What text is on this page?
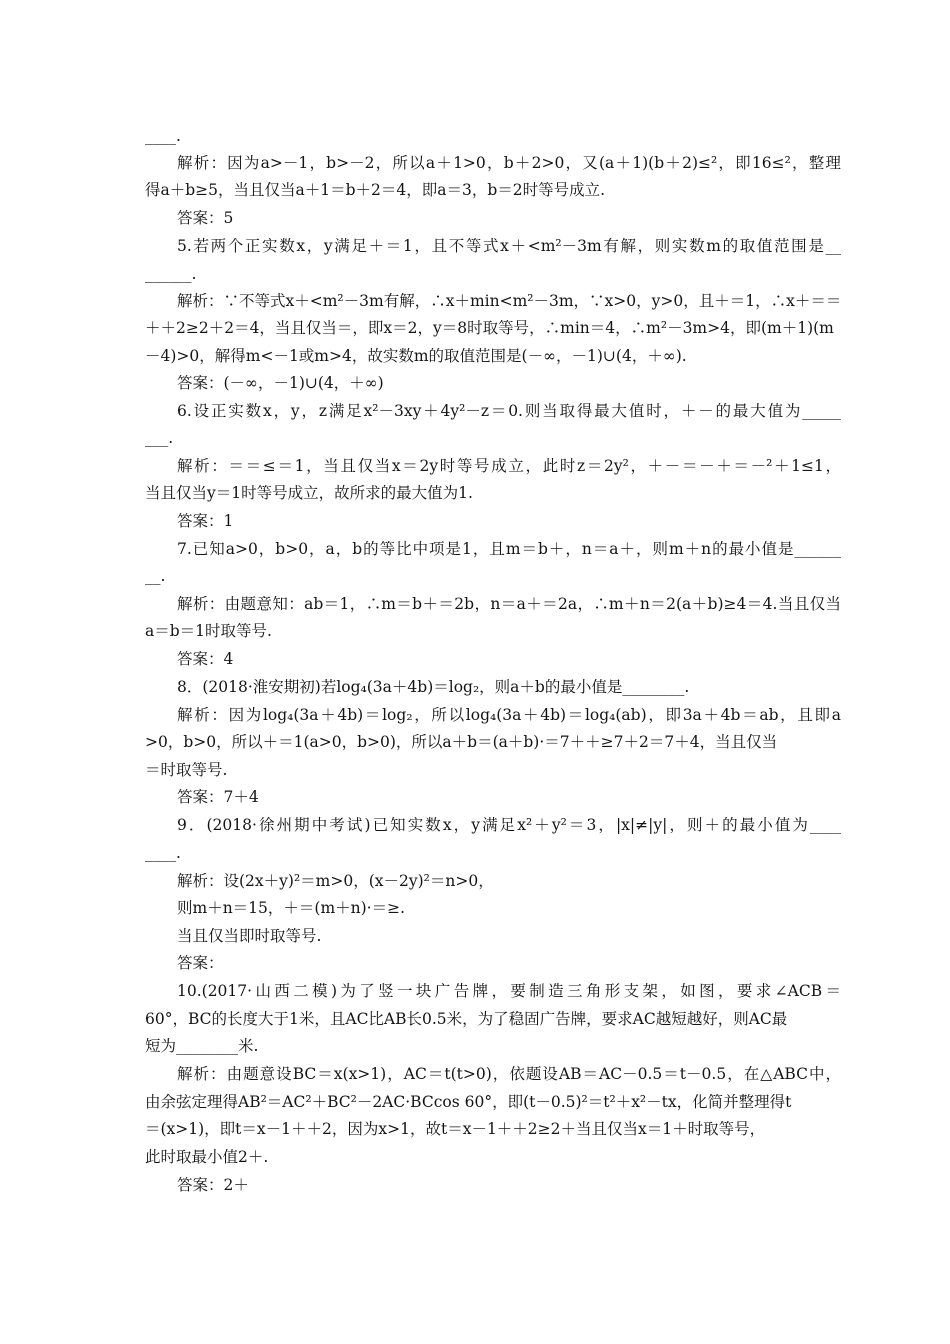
____.
解析：因为a>－1，b>－2，所以a＋1>0，b＋2>0，又(a＋1)(b＋2)≤²，即16≤²，整理
得a＋b≥5，当且仅当a＋1＝b＋2＝4，即a＝3，b＝2时等号成立.
答案：5
5.若两个正实数x，y满足＋＝1，且不等式x＋<m²－3m有解，则实数m的取值范围是__
______.
解析：∵不等式x＋<m²－3m有解，∴x＋min<m²－3m，∵x>0，y>0，且＋＝1，∴x＋＝＝
＋＋2≥2＋2＝4，当且仅当＝，即x＝2，y＝8时取等号，∴min＝4，∴m²－3m>4，即(m＋1)(m
－4)>0，解得m<－1或m>4，故实数m的取值范围是(－∞，－1)∪(4，＋∞).
答案：(－∞，－1)∪(4，＋∞)
6.设正实数x，y，z满足x²－3xy＋4y²－z＝0.则当取得最大值时，＋－的最大值为_____
___.
解析：＝＝≤＝1，当且仅当x＝2y时等号成立，此时z＝2y²，＋－＝－＋＝－²＋1≤1，
当且仅当y＝1时等号成立，故所求的最大值为1.
答案：1
7.已知a>0，b>0，a，b的等比中项是1，且m＝b＋，n＝a＋，则m＋n的最小值是______
__.
解析：由题意知：ab＝1，∴m＝b＋＝2b，n＝a＋＝2a，∴m＋n＝2(a＋b)≥4＝4.当且仅当
a＝b＝1时取等号.
答案：4
8．(2018·淮安期初)若log₄(3a＋4b)＝log₂，则a＋b的最小值是________.
解析：因为log₄(3a＋4b)＝log₂，所以log₄(3a＋4b)＝log₄(ab)，即3a＋4b＝ab，且即a
>0，b>0，所以＋＝1(a>0，b>0)，所以a＋b＝(a＋b)·＝7＋＋≥7＋2＝7＋4，当且仅当
＝时取等号.
答案：7＋4
9．(2018·徐州期中考试)已知实数x，y满足x²＋y²＝3，|x|≠|y|，则＋的最小值为____
____.
解析：设(2x＋y)²＝m>0，(x－2y)²＝n>0，
则m＋n＝15，＋＝(m＋n)·＝≥.
当且仅当即时取等号.
答案：
10.(2017·山西二模)为了竖一块广告牌，要制造三角形支架，如图，要求∠ACB＝
60°，BC的长度大于1米，且AC比AB长0.5米，为了稳固广告牌，要求AC越短越好，则AC最
短为________米.
解析：由题意设BC＝x(x>1)，AC＝t(t>0)，依题设AB＝AC－0.5＝t－0.5，在△ABC中，
由余弦定理得AB²＝AC²＋BC²－2AC·BCcos 60°，即(t－0.5)²＝t²＋x²－tx，化简并整理得t
＝(x>1)，即t＝x－1＋＋2，因为x>1，故t＝x－1＋＋2≥2＋当且仅当x＝1＋时取等号，
此时取最小值2＋.
答案：2＋
